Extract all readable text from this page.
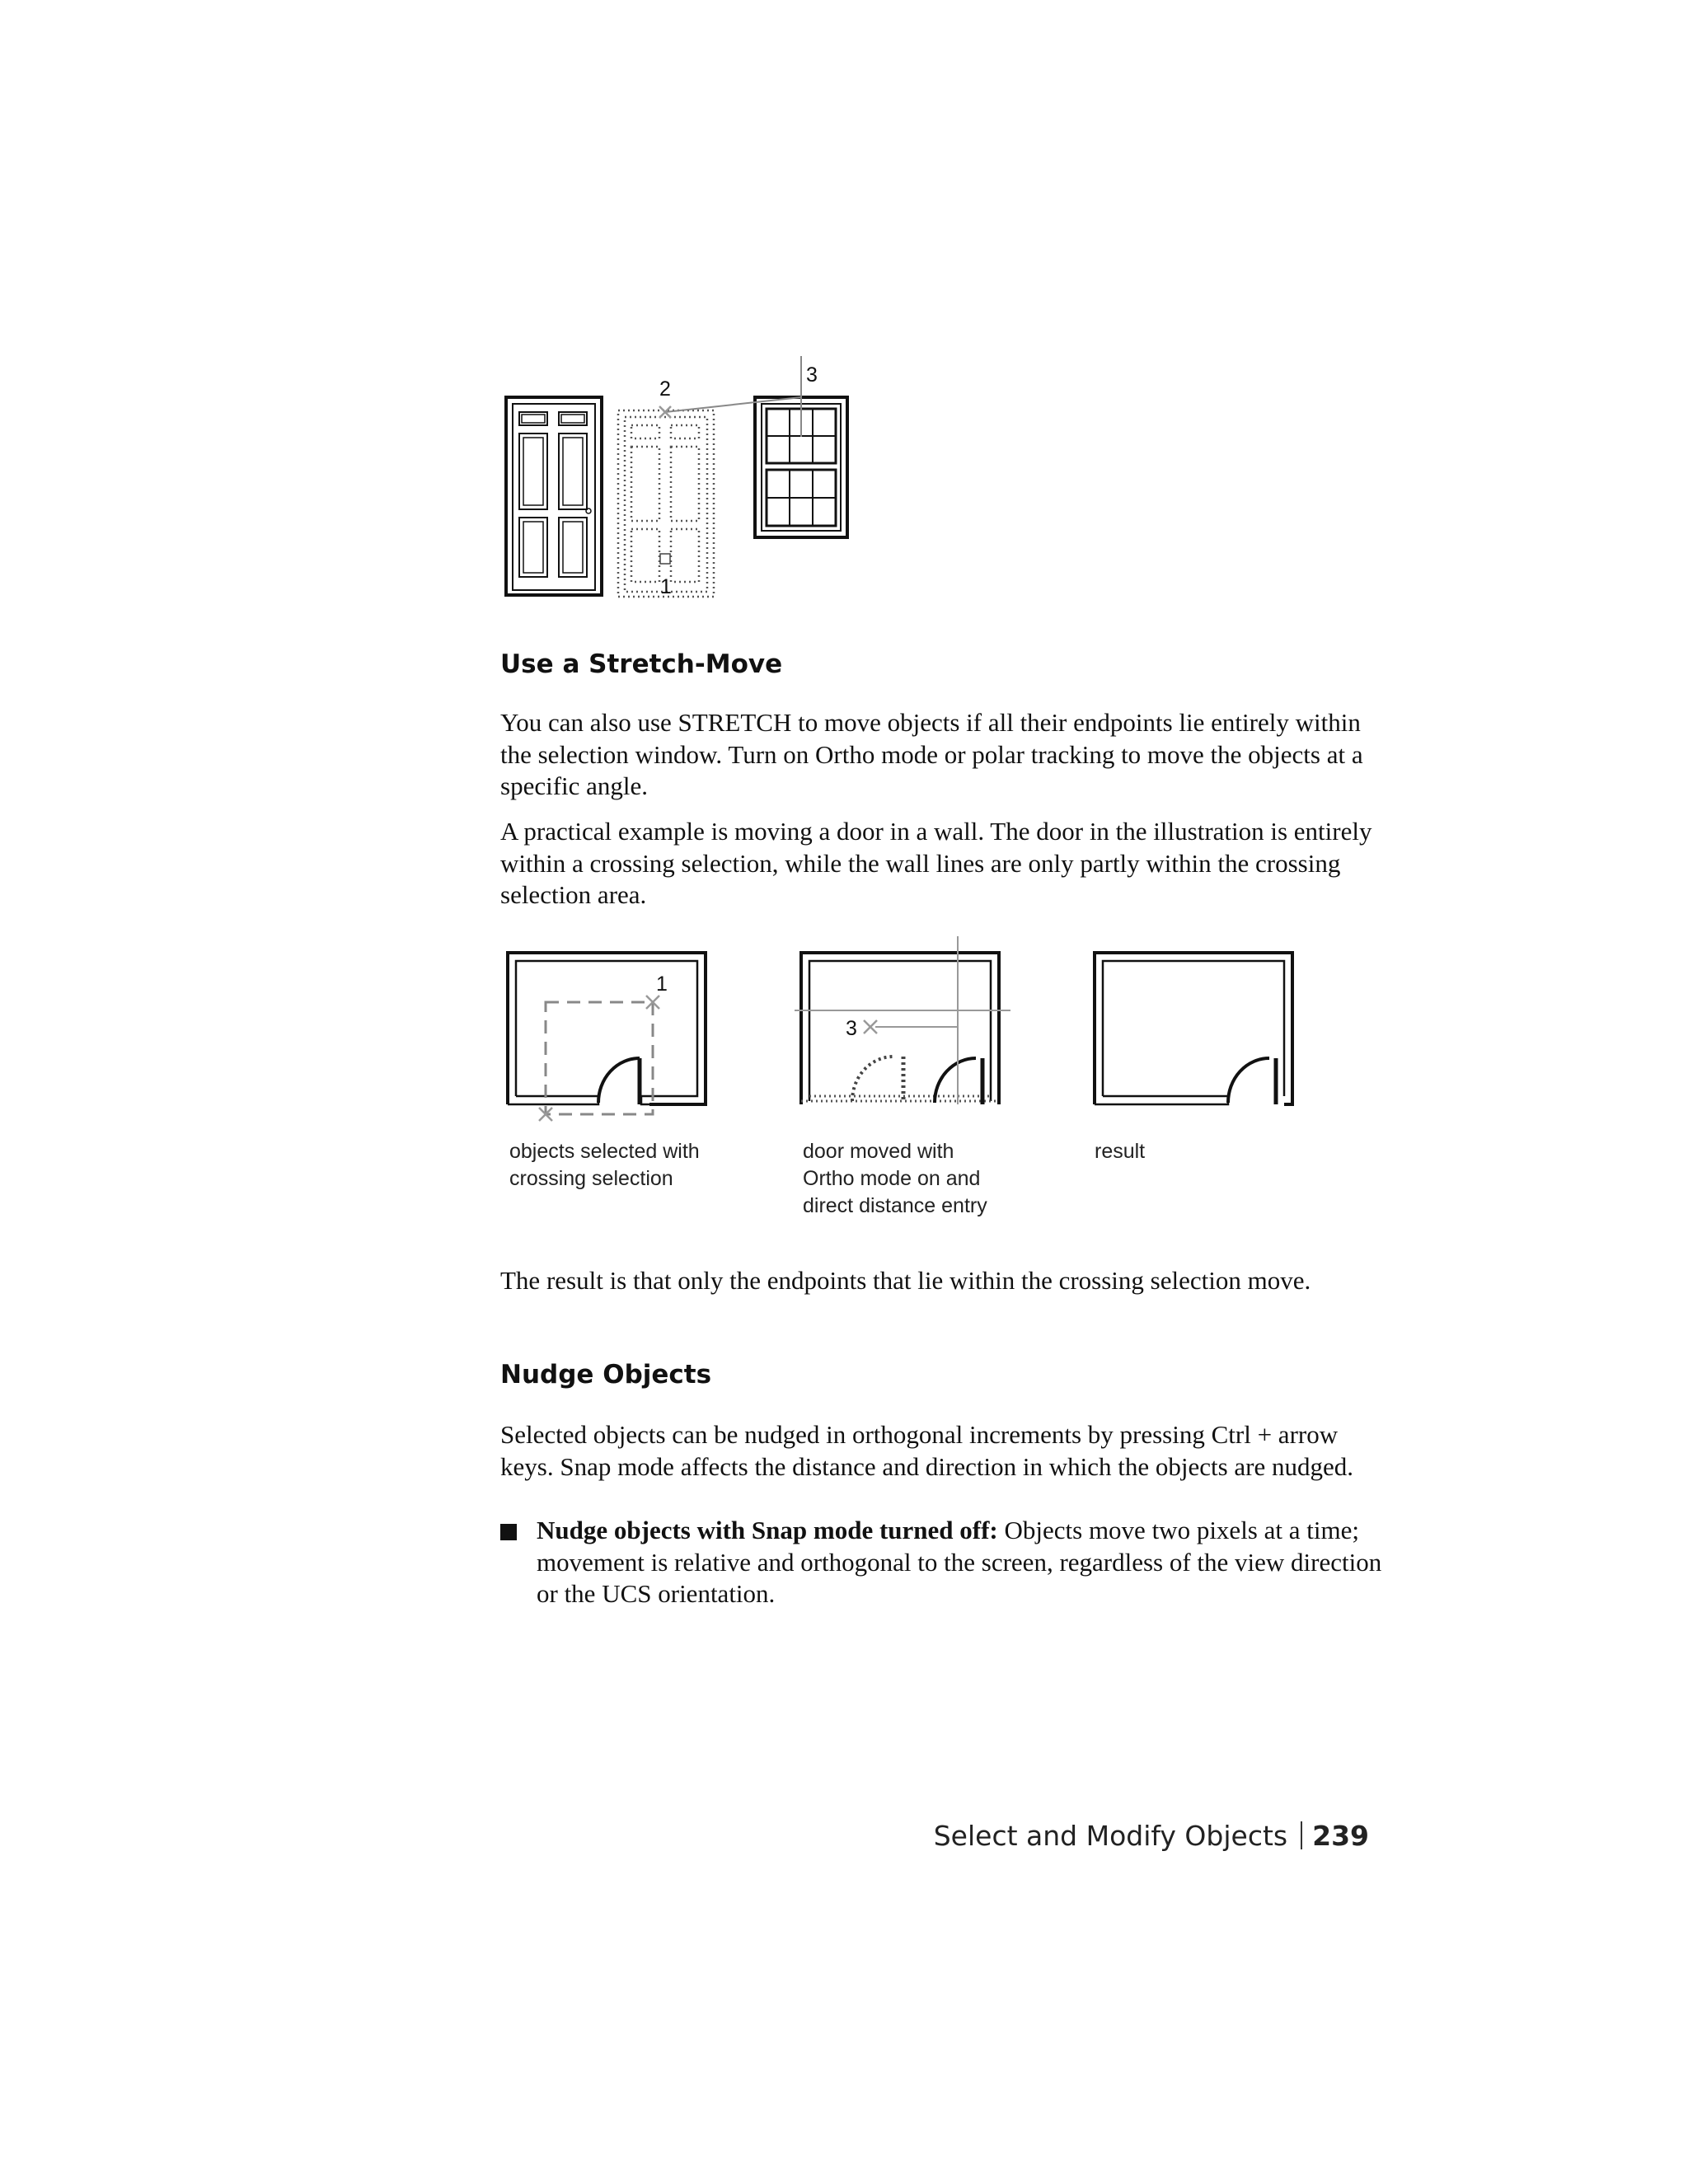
1
2
3
Use a Stretch-Move

You can also use STRETCH to move objects if all their endpoints lie entirely within the selection window. Turn on Ortho mode or polar tracking to move the objects at a specific angle.

A practical example is moving a door in a wall. The door in the illustration is entirely within a crossing selection, while the wall lines are only partly within the crossing selection area.

1
3

objects selected with

crossing selection

door moved with

Ortho mode on and

direct distance entry

result

The result is that only the endpoints that lie within the crossing selection move.

Nudge Objects

Selected objects can be nudged in orthogonal increments by pressing Ctrl + arrow keys. Snap mode affects the distance and direction in which the objects are nudged.

Nudge objects with Snap mode turned off: Objects move two pixels at a time; movement is relative and orthogonal to the screen, regardless of the view direction or the UCS orientation.

Select and Modify Objects 239
